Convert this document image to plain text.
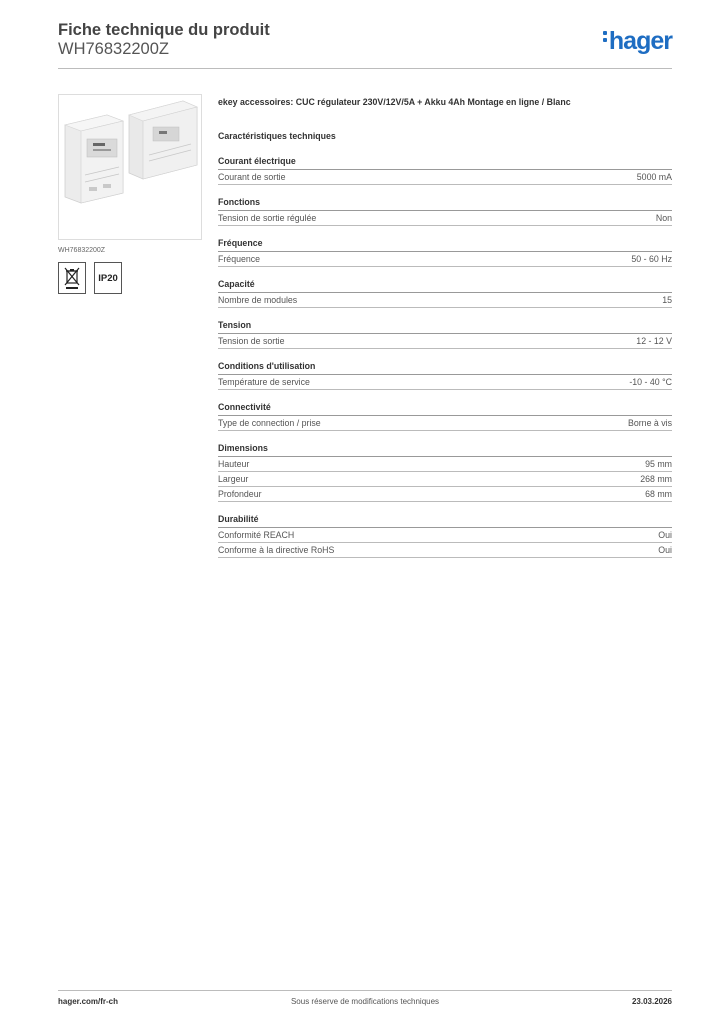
Fiche technique du produit
WH76832200Z	hager
WH76832200Z
IP20
ekey accessoires: CUC régulateur 230V/12V/5A + Akku 4Ah Montage en ligne / Blanc
Caractéristiques techniques
Courant électrique
Courant de sortie	5000 mA
Fonctions
Tension de sortie régulée	Non
Fréquence
Fréquence	50 - 60 Hz
Capacité
Nombre de modules	15
Tension
Tension de sortie	12 - 12 V
Conditions d'utilisation
Température de service	-10 - 40 °C
Connectivité
Type de connection / prise	Borne à vis
Dimensions
Hauteur	95 mm
Largeur	268 mm
Profondeur	68 mm
Durabilité
Conformité REACH	Oui
Conforme à la directive RoHS	Oui
hager.com/fr-ch	Sous réserve de modifications techniques	23.03.2026
